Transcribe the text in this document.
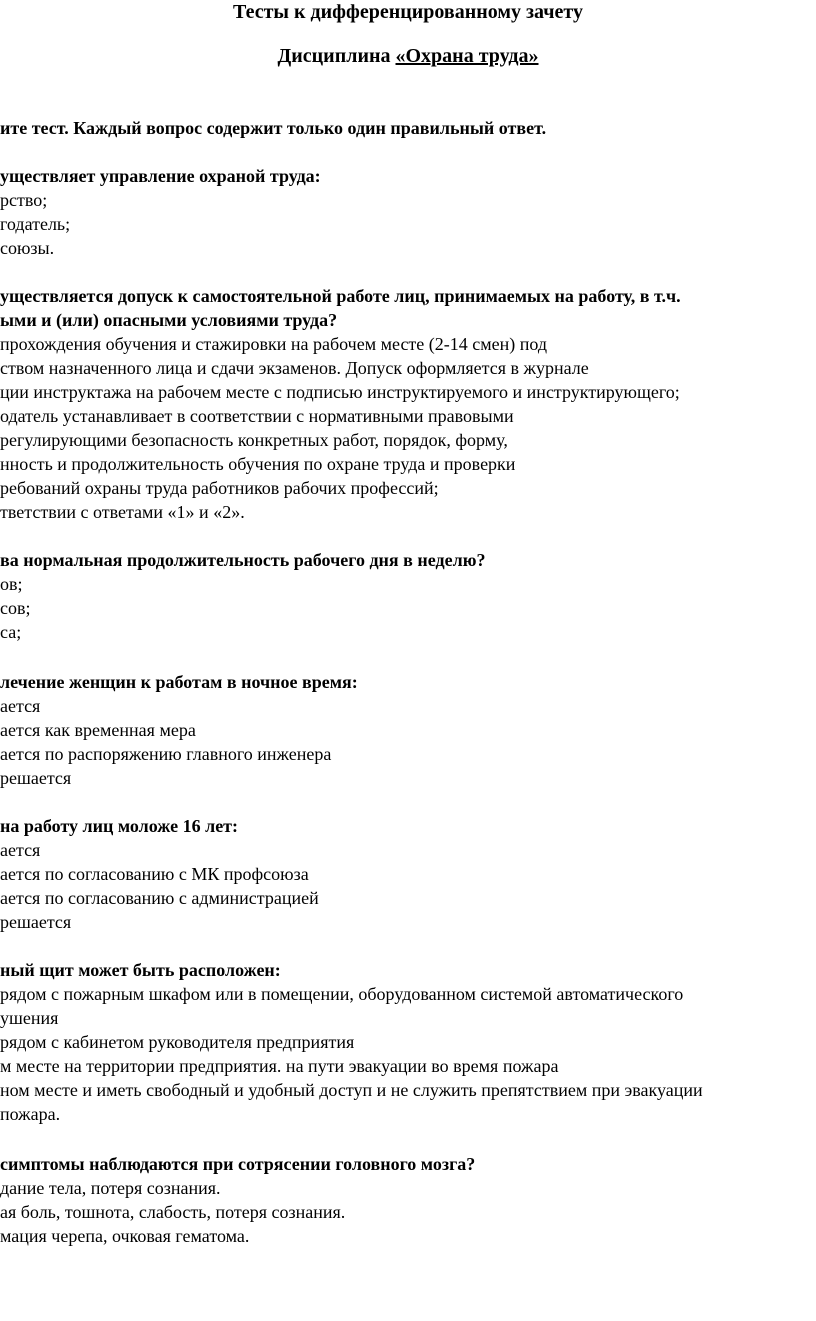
Тесты к дифференцированному зачету
Дисциплина «Охрана труда»
ите тест. Каждый вопрос содержит только один правильный ответ.
уществляет управление охраной труда:
рство;
годатель;
союзы.
уществляется допуск к самостоятельной работе лиц, принимаемых на работу, в т.ч.
ыми и (или) опасными условиями труда?
прохождения обучения и стажировки на рабочем месте (2-14 смен) под
ством назначенного лица и сдачи экзаменов. Допуск оформляется в журнале
ции инструктажа на рабочем месте с подписью инструктируемого и инструктирующего;
одатель устанавливает в соответствии с нормативными правовыми
регулирующими безопасность конкретных работ, порядок, форму,
нность и продолжительность обучения по охране труда и проверки
ребований охраны труда работников рабочих профессий;
тветствии с ответами «1» и «2».
ва нормальная продолжительность рабочего дня в неделю?
ов;
сов;
са;
лечение женщин к работам в ночное время:
ается
ается как временная мера
ается по распоряжению главного инженера
решается
на работу лиц моложе 16 лет:
ается
ается по согласованию с МК профсоюза
ается по согласованию с администрацией
решается
ный щит может быть расположен:
рядом с пожарным шкафом или в помещении, оборудованном системой автоматического
ушения
рядом с кабинетом руководителя предприятия
м месте на территории предприятия. на пути эвакуации во время пожара
ном месте и иметь свободный и удобный доступ и не служить препятствием при эвакуации
пожара.
симптомы наблюдаются при сотрясении головного мозга?
дание тела, потеря сознания.
ая боль, тошнота, слабость, потеря сознания.
мация черепа, очковая гематома.
